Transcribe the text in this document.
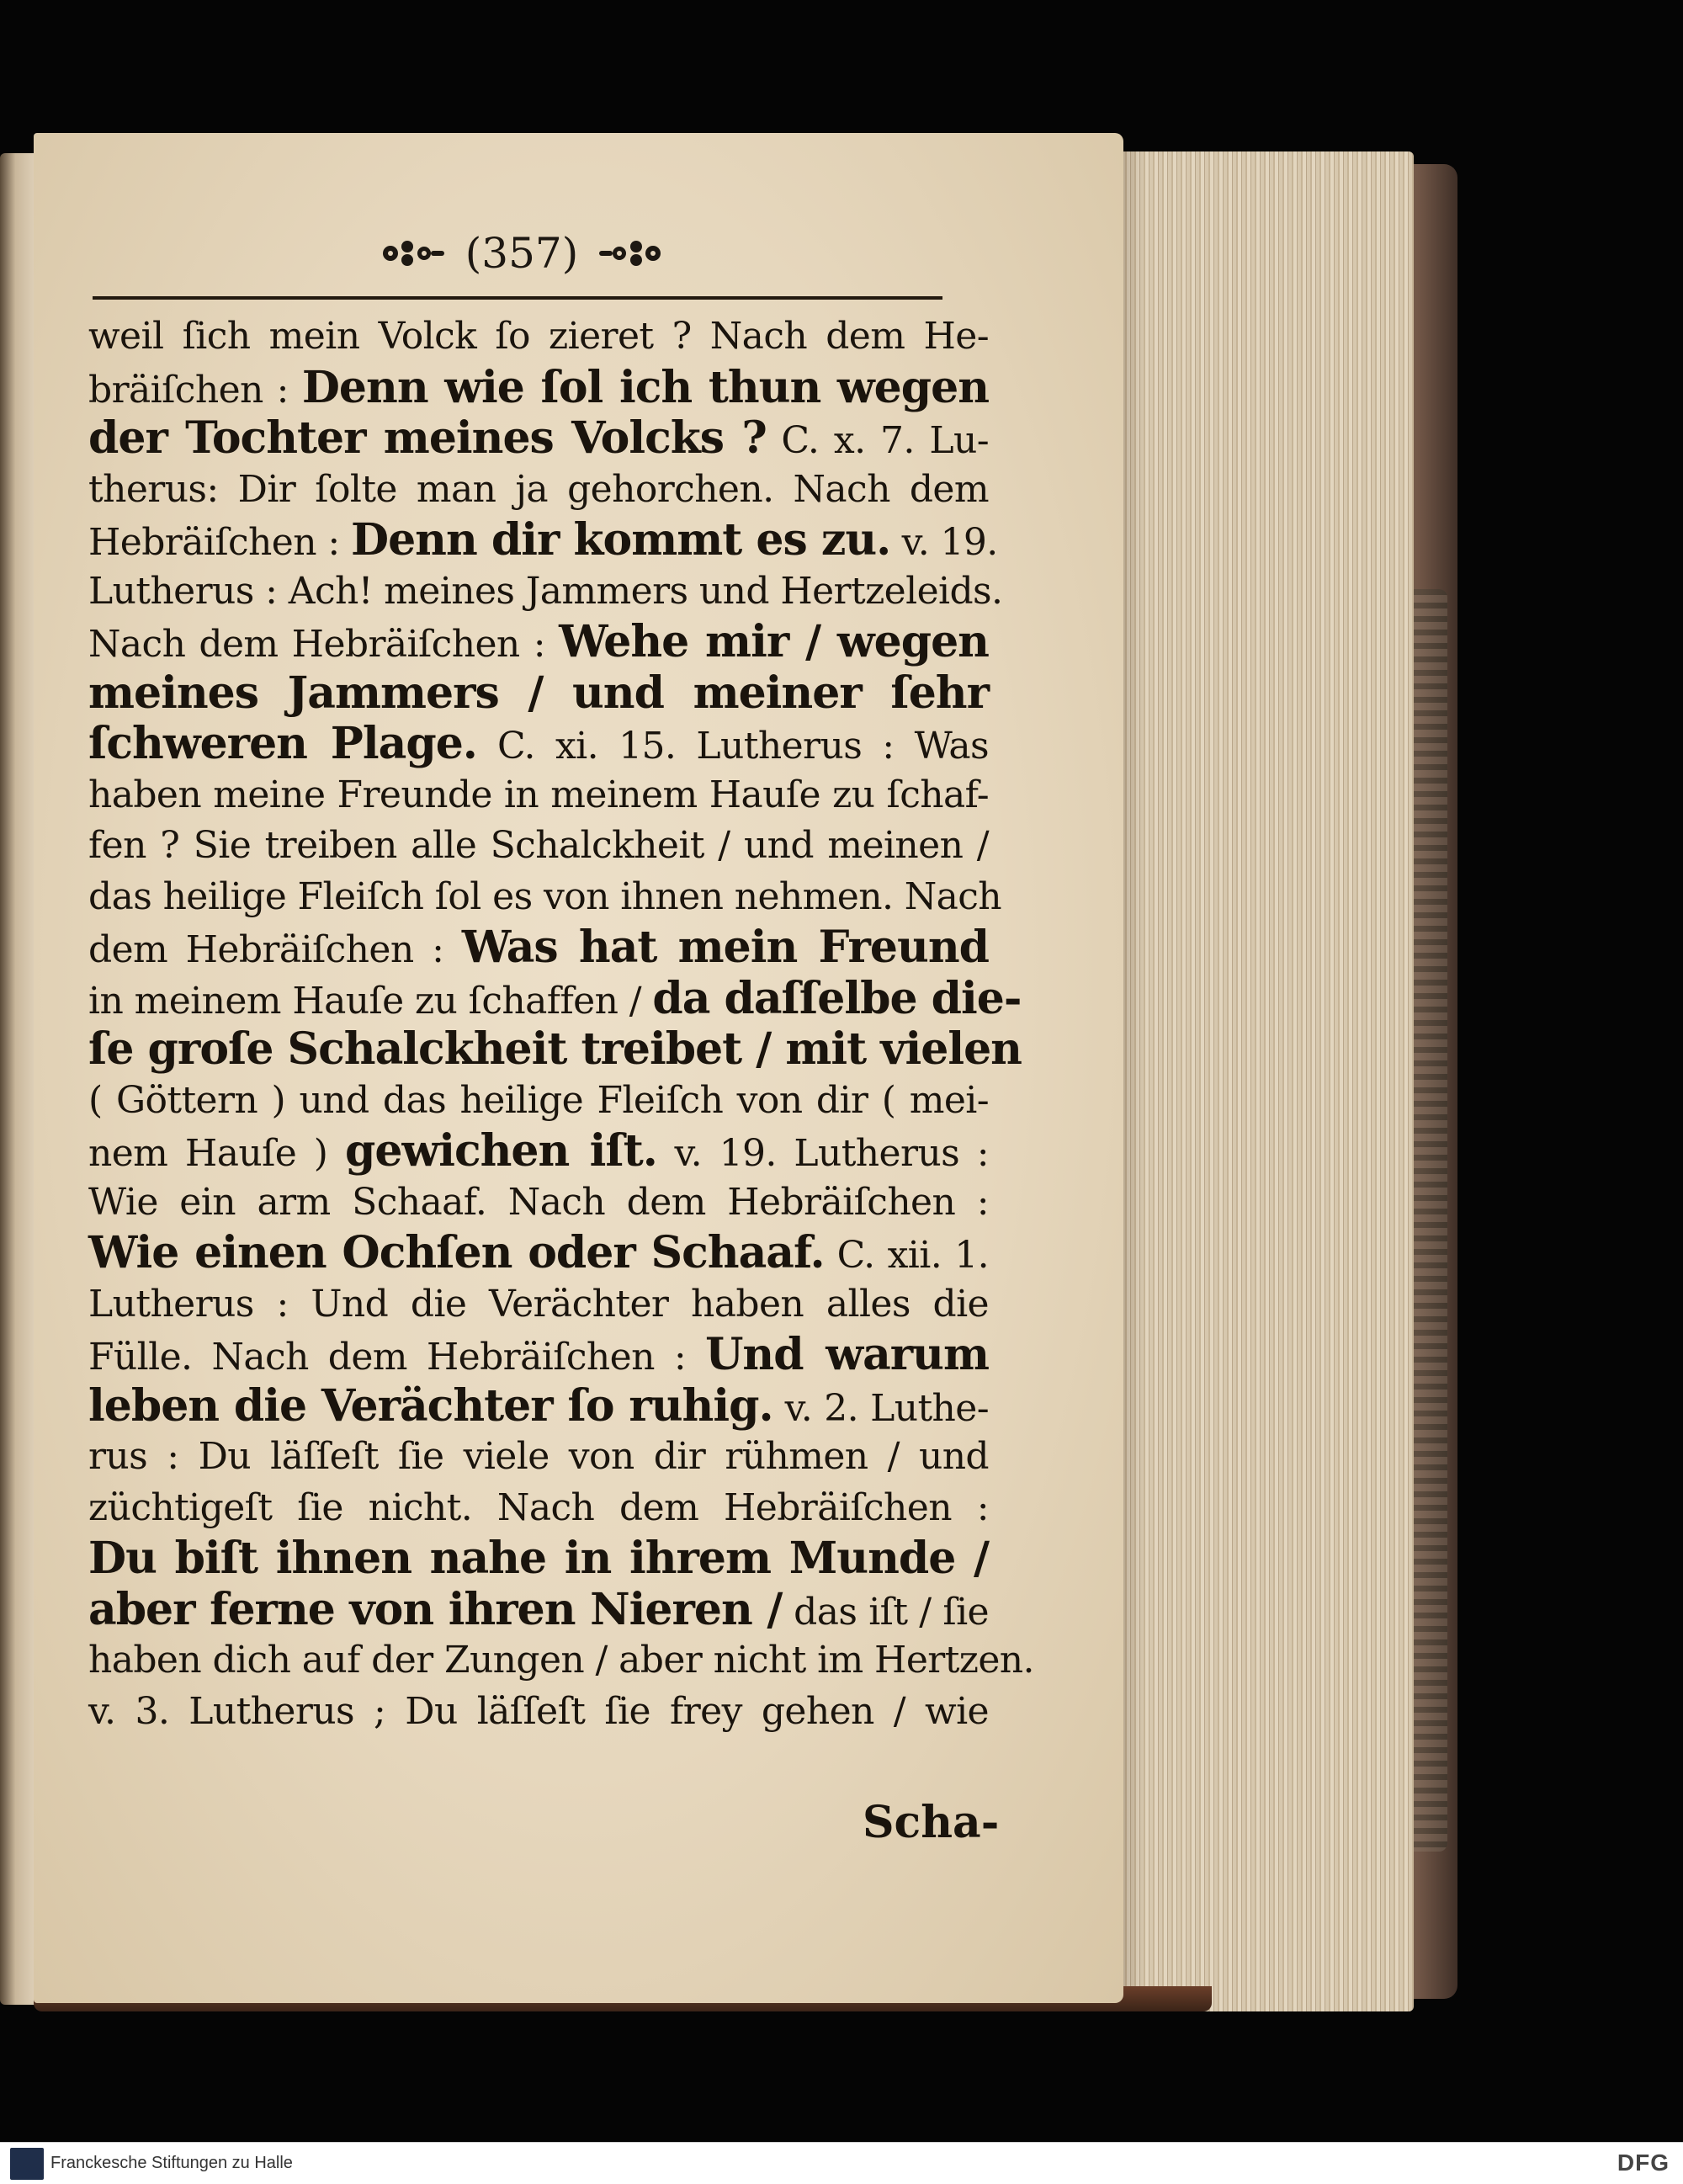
(357)
weil ſich mein Volck ſo zieret ? Nach dem He-
bräiſchen : Denn wie ſol ich thun wegen
der Tochter meines Volcks ? C. x. 7. Lu-
therus: Dir ſolte man ja gehorchen. Nach dem
Hebräiſchen : Denn dir kommt es zu. v. 19.
Lutherus : Ach! meines Jammers und Hertzeleids.
Nach dem Hebräiſchen : Wehe mir / wegen
meines Jammers / und meiner ſehr
ſchweren Plage. C. xi. 15. Lutherus : Was
haben meine Freunde in meinem Hauſe zu ſchaf-
fen ? Sie treiben alle Schalckheit / und meinen /
das heilige Fleiſch ſol es von ihnen nehmen. Nach
dem Hebräiſchen : Was hat mein Freund
in meinem Hauſe zu ſchaffen / da daſſelbe die-
ſe groſe Schalckheit treibet / mit vielen
( Göttern ) und das heilige Fleiſch von dir ( mei-
nem Hauſe ) gewichen iſt. v. 19. Lutherus :
Wie ein arm Schaaf. Nach dem Hebräiſchen :
Wie einen Ochſen oder Schaaf. C. xii. 1.
Lutherus : Und die Verächter haben alles die
Fülle. Nach dem Hebräiſchen : Und warum
leben die Verächter ſo ruhig. v. 2. Luthe-
rus : Du läſſeſt ſie viele von dir rühmen / und
züchtigeſt ſie nicht. Nach dem Hebräiſchen :
Du biſt ihnen nahe in ihrem Munde /
aber ferne von ihren Nieren / das iſt / ſie
haben dich auf der Zungen / aber nicht im Hertzen.
v. 3. Lutherus ; Du läſſeſt ſie frey gehen / wie
Scha-
Franckesche Stiftungen zu Halle	DFG
